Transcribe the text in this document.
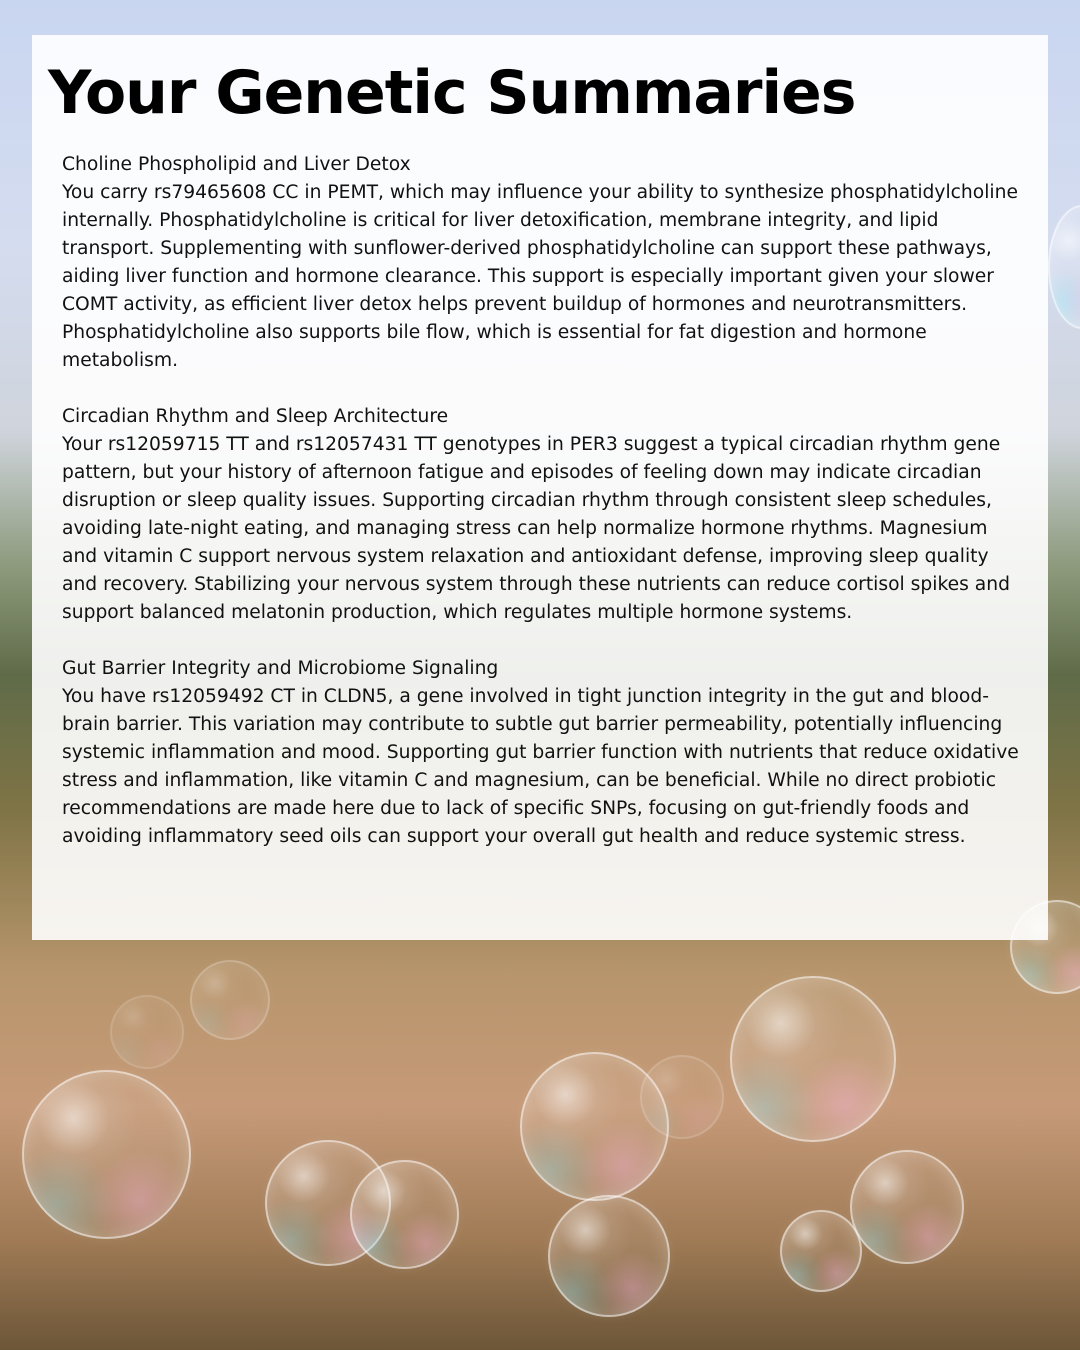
Your Genetic Summaries

Choline Phospholipid and Liver Detox

You carry rs79465608 CC in PEMT, which may influence your ability to synthesize phosphatidylcholine internally. Phosphatidylcholine is critical for liver detoxification, membrane integrity, and lipid transport. Supplementing with sunflower-derived phosphatidylcholine can support these pathways, aiding liver function and hormone clearance. This support is especially important given your slower COMT activity, as efficient liver detox helps prevent buildup of hormones and neurotransmitters. Phosphatidylcholine also supports bile flow, which is essential for fat digestion and hormone metabolism.

Circadian Rhythm and Sleep Architecture

Your rs12059715 TT and rs12057431 TT genotypes in PER3 suggest a typical circadian rhythm gene pattern, but your history of afternoon fatigue and episodes of feeling down may indicate circadian disruption or sleep quality issues. Supporting circadian rhythm through consistent sleep schedules, avoiding late-night eating, and managing stress can help normalize hormone rhythms. Magnesium and vitamin C support nervous system relaxation and antioxidant defense, improving sleep quality and recovery. Stabilizing your nervous system through these nutrients can reduce cortisol spikes and support balanced melatonin production, which regulates multiple hormone systems.

Gut Barrier Integrity and Microbiome Signaling

You have rs12059492 CT in CLDN5, a gene involved in tight junction integrity in the gut and blood-brain barrier. This variation may contribute to subtle gut barrier permeability, potentially influencing systemic inflammation and mood. Supporting gut barrier function with nutrients that reduce oxidative stress and inflammation, like vitamin C and magnesium, can be beneficial. While no direct probiotic recommendations are made here due to lack of specific SNPs, focusing on gut-friendly foods and avoiding inflammatory seed oils can support your overall gut health and reduce systemic stress.
